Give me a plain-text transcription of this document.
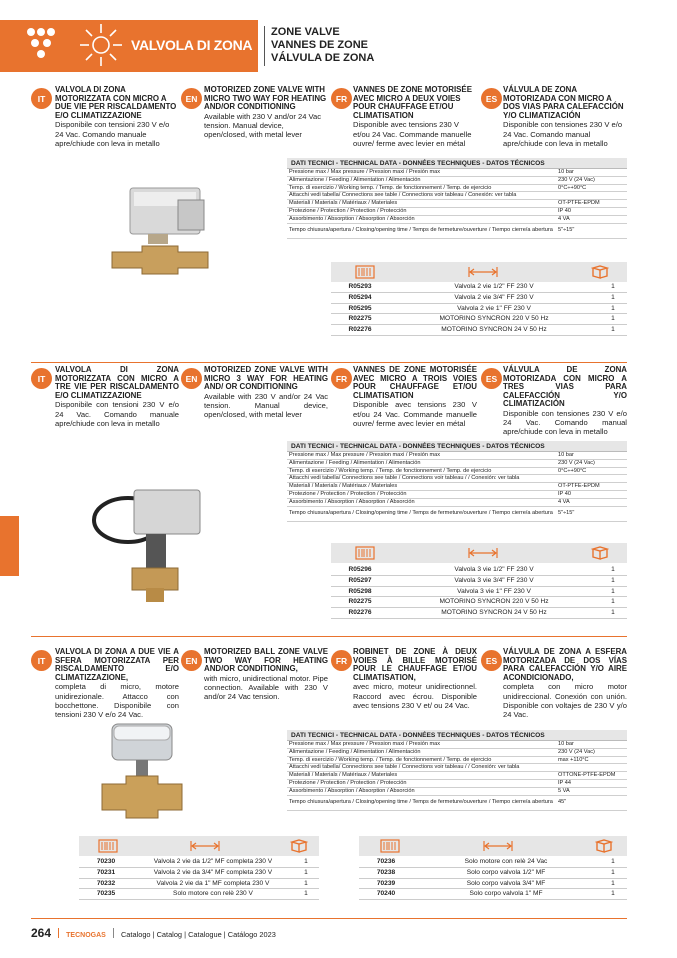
VALVOLA DI ZONA
ZONE VALVE
VANNES DE ZONE
VÁLVULA DE ZONA
IT
VALVOLA DI ZONA MOTORIZZATA CON MICRO A DUE VIE PER RISCALDAMENTO E/O CLIMATIZZAZIONE
Disponibile con tensioni 230 V e/o 24 Vac. Comando manuale apre/chiude con leva in metallo
EN
MOTORIZED ZONE VALVE WITH MICRO TWO WAY FOR HEATING AND/OR CONDITIONING
Available with 230 V and/or 24 Vac tension. Manual device, open/closed, with metal lever
FR
VANNES DE ZONE MOTORISÉE AVEC MICRO A DEUX VOIES POUR CHAUFFAGE ET/OU CLIMATISATION
Disponible avec tensions 230 V et/ou 24 Vac. Commande manuelle ouvre/ ferme avec levier en métal
ES
VÁLVULA DE ZONA MOTORIZADA CON MICRO A DOS VIAS PARA CALEFACCIÓN Y/O CLIMATIZACIÓN
Disponible con tensiones 230 V e/o 24 Vac. Comando manual apre/chiude con leva in metallo
DATI TECNICI - TECHNICAL DATA - DONNÉES TECHNIQUES - DATOS TÉCNICOS
Pressione max / Max pressure / Pression maxi / Presión max	10 bar
Alimentazione / Feeding / Alimentation / Alimentación	230 V (24 Vac)
Temp. di esercizio / Working temp. / Temp. de fonctionnement / Temp. de ejercicio	0°C÷+90°C
Attacchi vedi tabella/ Connections see table / Connections voir tableau / Conexión: ver tabla
Materiali / Materials / Matériaux / Materiales	OT-PTFE-EPDM
Protezione / Protection / Protection / Protección	IP 40
Assorbimento / Absorption / Absorption / Absorción	4 VA
Tempo chiusura/apertura / Closing/opening time / Temps de fermeture/ouverture / Tiempo cierre/a abertura 5"÷15"
R05293	Valvola 2 vie 1/2" FF 230 V	1
R05294	Valvola 2 vie 3/4" FF 230 V	1
R05295	Valvola 2 vie 1" FF 230 V	1
R02275	MOTORINO SYNCRON 220 V 50 Hz	1
R02276	MOTORINO SYNCRON 24 V 50 Hz	1
IT
VALVOLA DI ZONA MOTORIZZATA CON MICRO A TRE VIE PER RISCALDAMENTO E/O CLIMATIZZAZIONE
Disponibile con tensioni 230 V e/o 24 Vac. Comando manuale apre/chiude con leva in metallo
EN
MOTORIZED ZONE VALVE WITH MICRO 3 WAY FOR HEATING AND/ OR CONDITIONING
Available with 230 V and/or 24 Vac tension. Manual device, open/closed, with metal lever
FR
VANNES DE ZONE MOTORISÉE AVEC MICRO A TROIS VOIES POUR CHAUFFAGE ET/OU CLIMATISATION
Disponible avec tensions 230 V et/ou 24 Vac. Commande manuelle ouvre/ ferme avec levier en métal
ES
VÁLVULA DE ZONA MOTORIZADA CON MICRO A TRES VIAS PARA CALEFACCIÓN Y/O CLIMATIZACIÓN
Disponible con tensiones 230 V e/o 24 Vac. Comando manual apre/chiude con leva in metallo
DATI TECNICI - TECHNICAL DATA - DONNÉES TECHNIQUES - DATOS TÉCNICOS
Pressione max / Max pressure / Pression maxi / Presión max	10 bar
Alimentazione / Feeding / Alimentation / Alimentación	230 V (24 Vac)
Temp. di esercizio / Working temp. / Temp. de fonctionnement / Temp. de ejercicio	0°C÷+90°C
Attacchi vedi tabella/ Connections see table / Connections voir tableau / / Conexión: ver tabla
Materiali / Materials / Matériaux / Materiales	OT-PTFE-EPDM
Protezione / Protection / Protection / Protección	IP 40
Assorbimento / Absorption / Absorption / Absorción	4 VA
Tempo chiusura/apertura / Closing/opening time / Temps de fermeture/ouverture / Tiempo cierre/a abertura 5"÷15"
R05296	Valvola 3 vie 1/2" FF 230 V	1
R05297	Valvola 3 vie 3/4" FF 230 V	1
R05298	Valvola 3 vie 1" FF 230 V	1
R02275	MOTORINO SYNCRON 220 V 50 Hz	1
R02276	MOTORINO SYNCRON 24 V 50 Hz	1
IT
VALVOLA DI ZONA A DUE VIE A SFERA MOTORIZZATA PER RISCALDAMENTO E/O CLIMATIZZAZIONE,
completa di micro, motore unidirezionale. Attacco con bocchettone. Disponibile con tensioni 230 V e/o 24 Vac.
EN
MOTORIZED BALL ZONE VALVE TWO WAY FOR HEATING AND/OR CONDITIONING,
with micro, unidirectional motor. Pipe connection. Available with 230 V and/or 24 Vac tension.
FR
ROBINET DE ZONE À DEUX VOIES À BILLE MOTORISÉ POUR LE CHAUFFAGE ET/OU CLIMATISATION,
avec micro, moteur unidirectionnel. Raccord avec écrou. Disponible avec tensions 230 V et/ ou 24 Vac.
ES
VÁLVULA DE ZONA A ESFERA MOTORIZADA DE DOS VÍAS PARA CALEFACCIÓN Y/O AIRE ACONDICIONADO,
completa con micro motor unidireccional. Conexión con unión. Disponible con voltajes de 230 V y/o 24 Vac.
DATI TECNICI - TECHNICAL DATA - DONNÉES TECHNIQUES - DATOS TÉCNICOS
Pressione max / Max pressure / Pression maxi / Presión max	10 bar
Alimentazione / Feeding / Alimentation / Alimentación	230 V (24 Vac)
Temp. di esercizio / Working temp. / Temp. de fonctionnement / Temp. de ejercicio	max +110°C
Attacchi vedi tabella/ Connections see table / Connections voir tableau / / Conexión: ver tabla
Materiali / Materials / Matériaux / Materiales	OTTONE-PTFE-EPDM
Protezione / Protection / Protection / Protección	IP 44
Assorbimento / Absorption / Absorption / Absorción	5 VA
Tempo chiusura/apertura / Closing/opening time / Temps de fermeture/ouverture / Tiempo cierre/a abertura 45"
70230	Valvola 2 vie da 1/2" MF completa 230 V	1
70231	Valvola 2 vie da 3/4" MF completa 230 V	1
70232	Valvola 2 vie da 1" MF completa 230 V	1
70235	Solo motore con relè 230 V	1
70236	Solo motore con relè 24 Vac	1
70238	Solo corpo valvola 1/2" MF	1
70239	Solo corpo valvola 3/4" MF	1
70240	Solo corpo valvola 1" MF	1
264 TECNOGAS Catalogo | Catalog | Catalogue | Catálogo 2023
